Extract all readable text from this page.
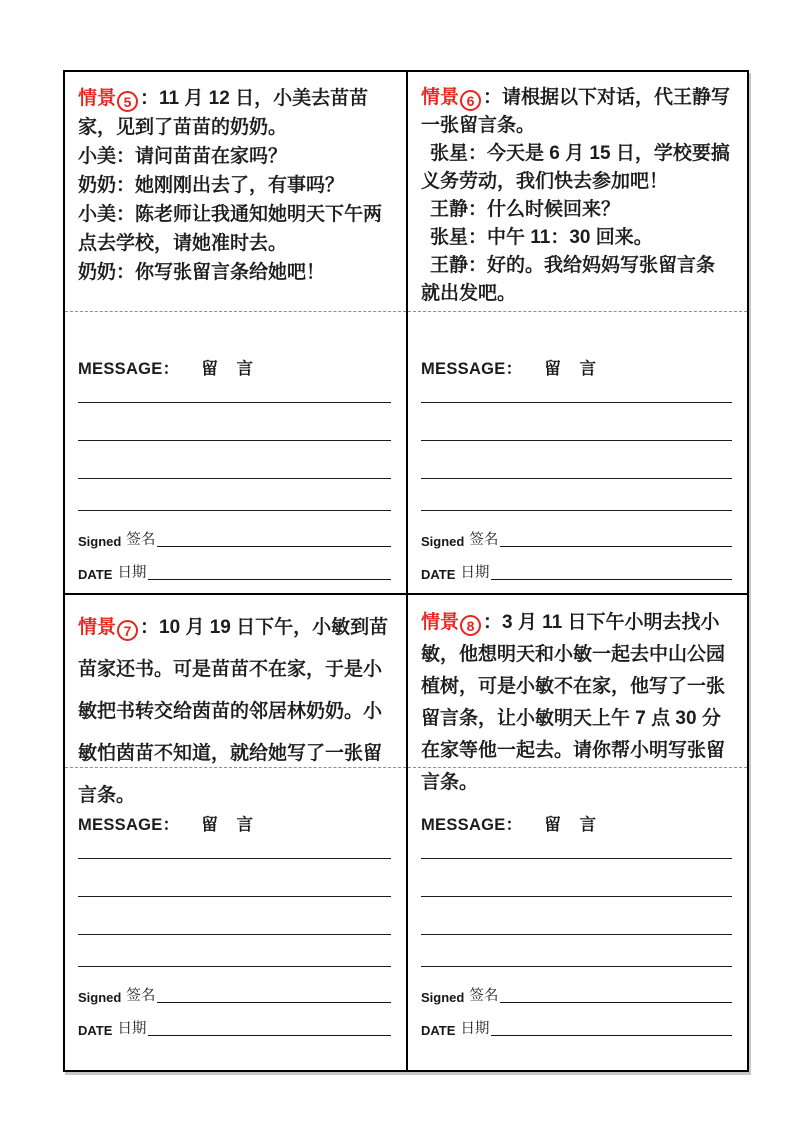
情景 5 ：11 月 12 日，小美去苗苗家，见到了苗苗的奶奶。

小美：请问苗苗在家吗？

奶奶：她刚刚出去了，有事吗？

小美：陈老师让我通知她明天下午两点去学校，请她准时去。

奶奶：你写张留言条给她吧！

MESSAGE： 留 言
Signed 签名
DATE 日期

情景 6 ：请根据以下对话，代王静写一张留言条。

张星：今天是 6 月 15 日，学校要搞义务劳动，我们快去参加吧！

王静：什么时候回来？

张星：中午 11：30 回来。

王静：好的。我给妈妈写张留言条就出发吧。

MESSAGE： 留 言
Signed 签名
DATE 日期

情景 7 ：10 月 19 日下午，小敏到苗苗家还书。可是苗苗不在家，于是小敏把书转交给茵苗的邻居林奶奶。小敏怕茵苗不知道，就给她写了一张留言条。

MESSAGE： 留 言
Signed 签名
DATE 日期

情景 8 ：3 月 11 日下午小明去找小敏，他想明天和小敏一起去中山公园植树，可是小敏不在家，他写了一张留言条，让小敏明天上午 7 点 30 分在家等他一起去。请你帮小明写张留言条。

MESSAGE： 留 言
Signed 签名
DATE 日期
